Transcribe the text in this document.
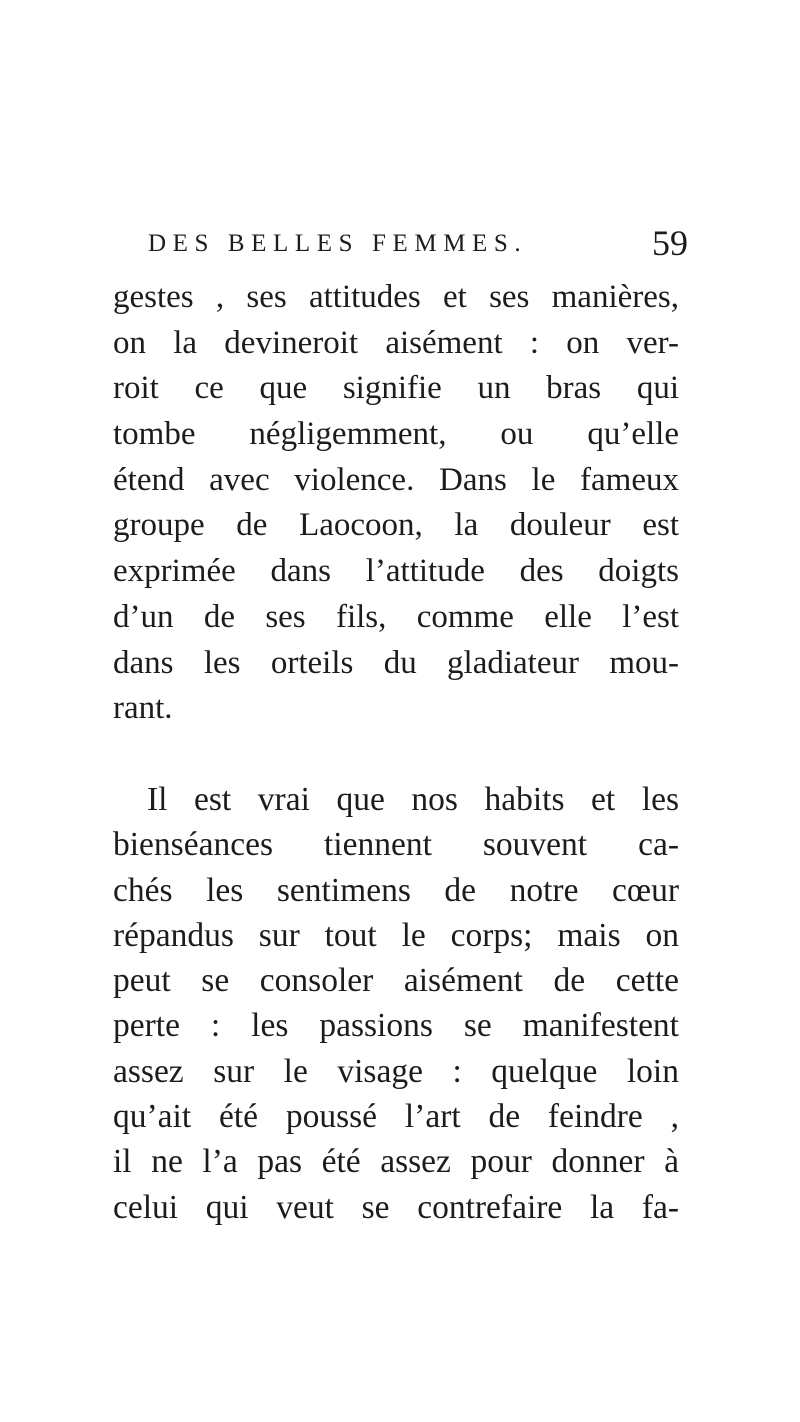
DES BELLES FEMMES.	59
gestes , ses attitudes et ses manières,
on la devineroit aisément : on ver-
roit ce que signifie un bras qui
tombe négligemment, ou qu’elle
étend avec violence. Dans le fameux
groupe de Laocoon, la douleur est
exprimée dans l’attitude des doigts
d’un de ses fils, comme elle l’est
dans les orteils du gladiateur mou-
rant.
Il est vrai que nos habits et les
bienséances tiennent souvent ca-
chés les sentimens de notre cœur
répandus sur tout le corps; mais on
peut se consoler aisément de cette
perte : les passions se manifestent
assez sur le visage : quelque loin
qu’ait été poussé l’art de feindre ,
il ne l’a pas été assez pour donner à
celui qui veut se contrefaire la fa-
